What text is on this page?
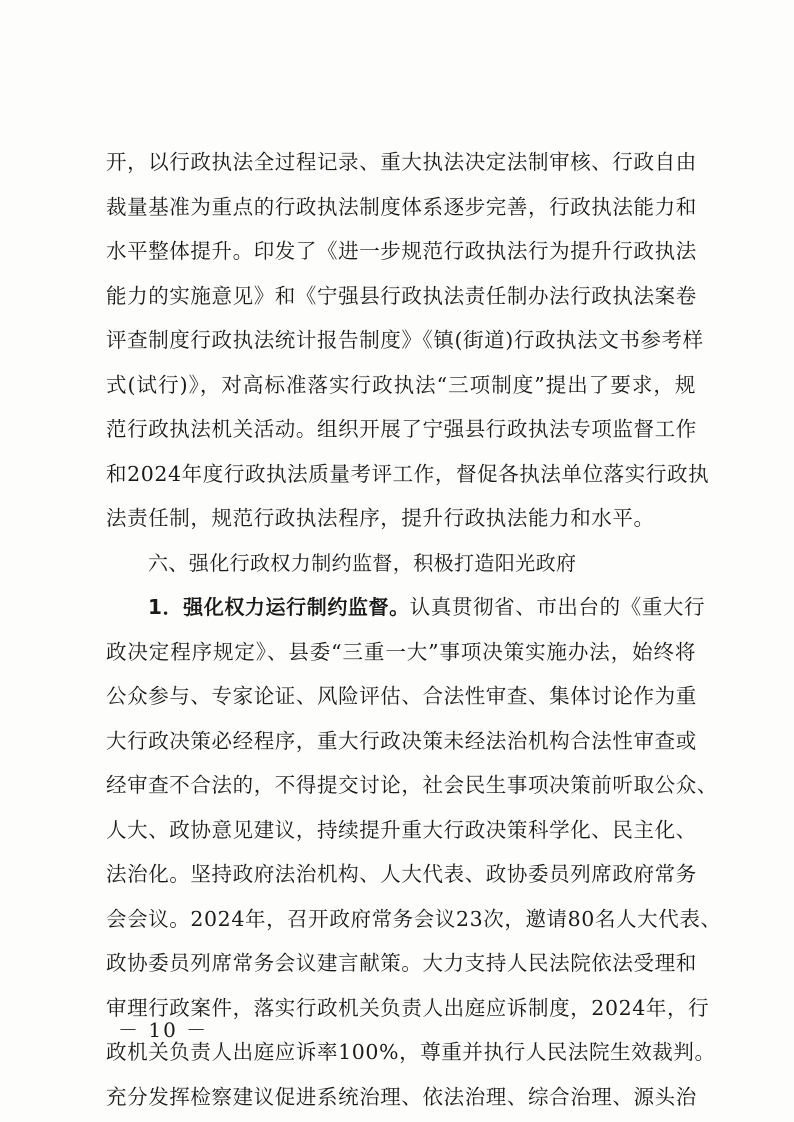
开，以行政执法全过程记录、重大执法决定法制审核、行政自由
裁量基准为重点的行政执法制度体系逐步完善，行政执法能力和
水平整体提升。印发了《进一步规范行政执法行为提升行政执法
能力的实施意见》和《宁强县行政执法责任制办法行政执法案卷
评查制度行政执法统计报告制度》《镇(街道)行政执法文书参考样
式(试行)》，对高标准落实行政执法“三项制度”提出了要求，规
范行政执法机关活动。组织开展了宁强县行政执法专项监督工作
和2024年度行政执法质量考评工作，督促各执法单位落实行政执
法责任制，规范行政执法程序，提升行政执法能力和水平。
六、强化行政权力制约监督，积极打造阳光政府
1．强化权力运行制约监督。认真贯彻省、市出台的《重大行
政决定程序规定》、县委“三重一大”事项决策实施办法，始终将
公众参与、专家论证、风险评估、合法性审查、集体讨论作为重
大行政决策必经程序，重大行政决策未经法治机构合法性审查或
经审查不合法的，不得提交讨论，社会民生事项决策前听取公众、
人大、政协意见建议，持续提升重大行政决策科学化、民主化、
法治化。坚持政府法治机构、人大代表、政协委员列席政府常务
会会议。2024年，召开政府常务会议23次，邀请80名人大代表、
政协委员列席常务会议建言献策。大力支持人民法院依法受理和
审理行政案件，落实行政机关负责人出庭应诉制度，2024年，行
政机关负责人出庭应诉率100%，尊重并执行人民法院生效裁判。
充分发挥检察建议促进系统治理、依法治理、综合治理、源头治
－ 10 －
